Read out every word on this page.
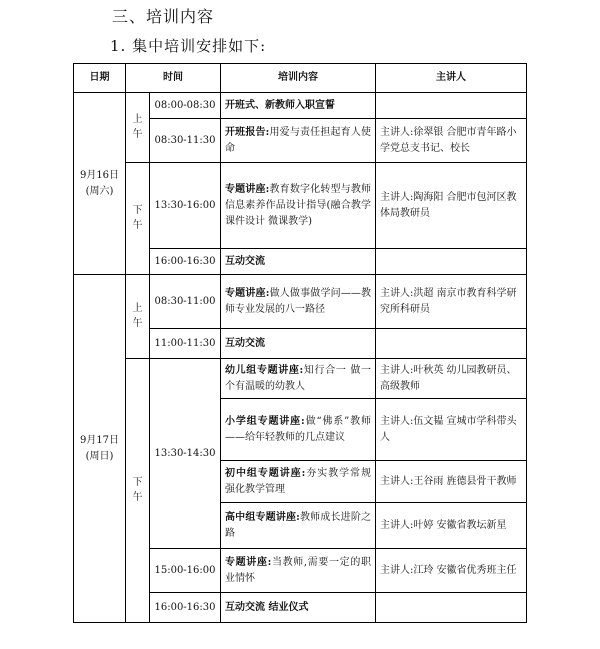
三、培训内容
1. 集中培训安排如下:
日期	时间		培训内容	主讲人

9月16日
(周六)	上午	08:00-08:30	开班式、新教师入职宣誓	
		08:30-11:30	开班报告:用爱与责任担起育人使命	主讲人:徐翠银 合肥市青年路小学党总支书记、校长
	下午	13:30-16:00	专题讲座:教育数字化转型与教师信息素养作品设计指导(融合教学 课件设计 微课教学)	主讲人:陶海阳 合肥市包河区教体局教研员
		16:00-16:30	互动交流	

9月17日
(周日)	上午	08:30-11:00	专题讲座:做人做事做学问——教师专业发展的八一路径	主讲人:洪超 南京市教育科学研究所科研员
		11:00-11:30	互动交流	
	下午	13:30-14:30	幼儿组专题讲座:知行合一 做一个有温暖的幼教人	主讲人:叶秋英 幼儿园教研员、高级教师
			小学组专题讲座:做“佛系”教师——给年轻教师的几点建议	主讲人:伍文韫 宣城市学科带头人
			初中组专题讲座:夯实教学常规 强化教学管理	主讲人:王谷雨 旌德县骨干教师
			高中组专题讲座:教师成长进阶之路	主讲人:叶婷 安徽省教坛新星
		15:00-16:00	专题讲座:当教师,需要一定的职业情怀	主讲人:江玲 安徽省优秀班主任
		16:00-16:30	互动交流 结业仪式	
